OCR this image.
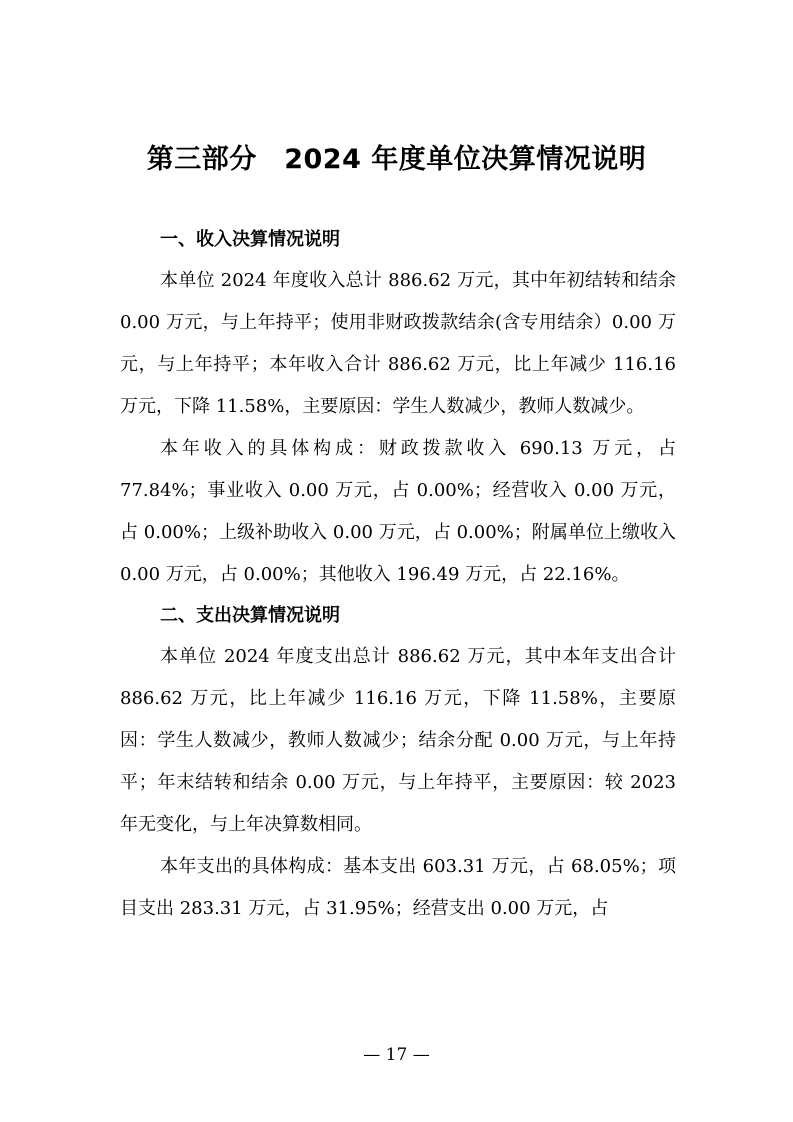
第三部分　2024 年度单位决算情况说明

一、收入决算情况说明

本单位 2024 年度收入总计 886.62 万元，其中年初结转和结余 0.00 万元，与上年持平；使用非财政拨款结余(含专用结余）0.00 万元，与上年持平；本年收入合计 886.62 万元，比上年减少 116.16 万元，下降 11.58%，主要原因：学生人数减少，教师人数减少。

本年收入的具体构成：财政拨款收入 690.13 万元，占 77.84%；事业收入 0.00 万元，占 0.00%；经营收入 0.00 万元，占 0.00%；上级补助收入 0.00 万元，占 0.00%；附属单位上缴收入 0.00 万元，占 0.00%；其他收入 196.49 万元，占 22.16%。

二、支出决算情况说明

本单位 2024 年度支出总计 886.62 万元，其中本年支出合计 886.62 万元，比上年减少 116.16 万元，下降 11.58%，主要原因：学生人数减少，教师人数减少；结余分配 0.00 万元，与上年持平；年末结转和结余 0.00 万元，与上年持平，主要原因：较 2023 年无变化，与上年决算数相同。

本年支出的具体构成：基本支出 603.31 万元，占 68.05%；项目支出 283.31 万元，占 31.95%；经营支出 0.00 万元，占

— 17 —
